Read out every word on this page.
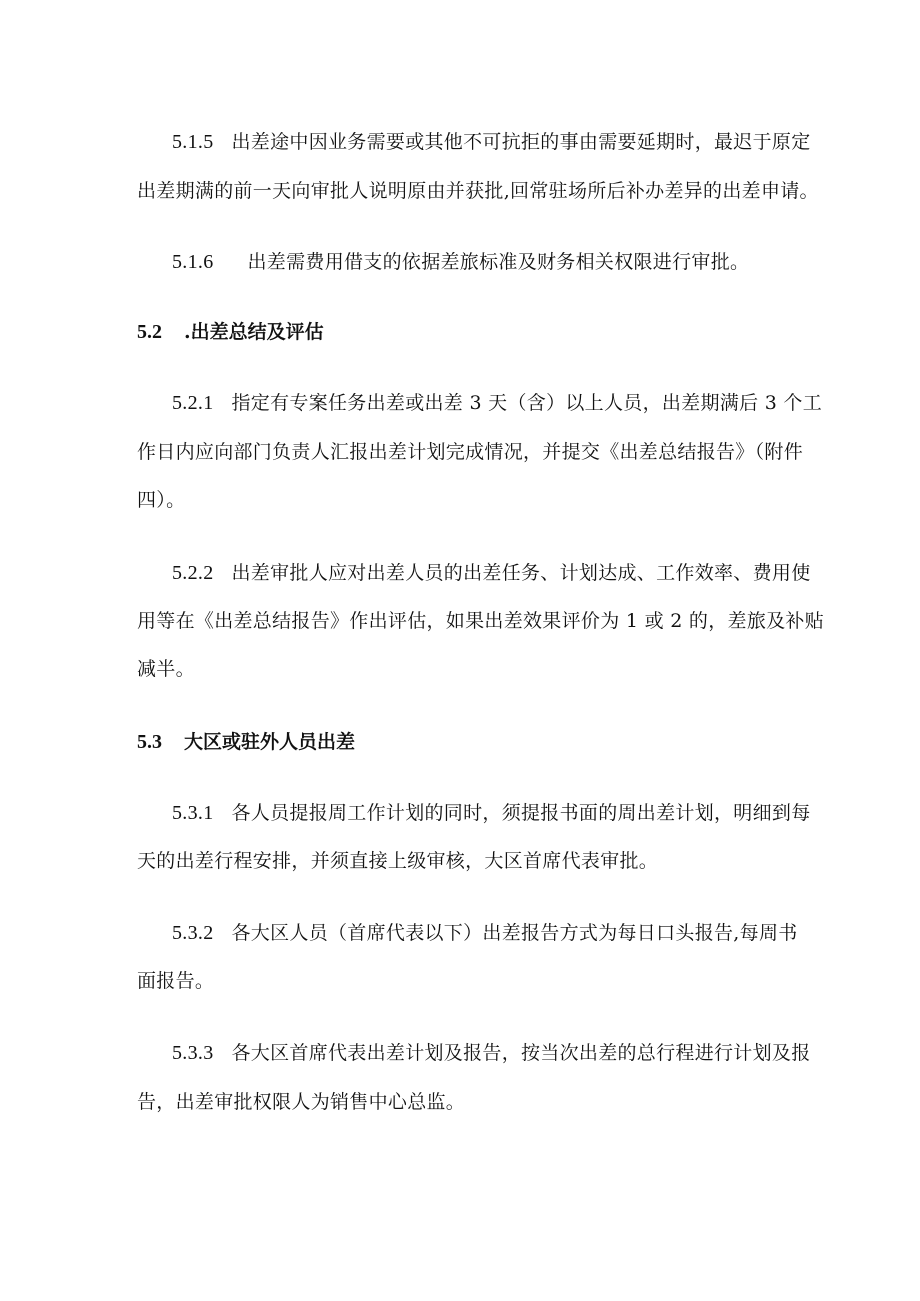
5.1.5 出差途中因业务需要或其他不可抗拒的事由需要延期时，最迟于原定
出差期满的前一天向审批人说明原由并获批,回常驻场所后补办差异的出差申请。
5.1.6 出差需费用借支的依据差旅标准及财务相关权限进行审批。
5.2 .出差总结及评估
5.2.1 指定有专案任务出差或出差 3 天（含）以上人员，出差期满后 3 个工
作日内应向部门负责人汇报出差计划完成情况，并提交《出差总结报告》（附件
四）。
5.2.2 出差审批人应对出差人员的出差任务、计划达成、工作效率、费用使
用等在《出差总结报告》作出评估，如果出差效果评价为 1 或 2 的，差旅及补贴
减半。
5.3 大区或驻外人员出差
5.3.1 各人员提报周工作计划的同时，须提报书面的周出差计划，明细到每
天的出差行程安排，并须直接上级审核，大区首席代表审批。
5.3.2 各大区人员（首席代表以下）出差报告方式为每日口头报告,每周书
面报告。
5.3.3 各大区首席代表出差计划及报告，按当次出差的总行程进行计划及报
告，出差审批权限人为销售中心总监。
